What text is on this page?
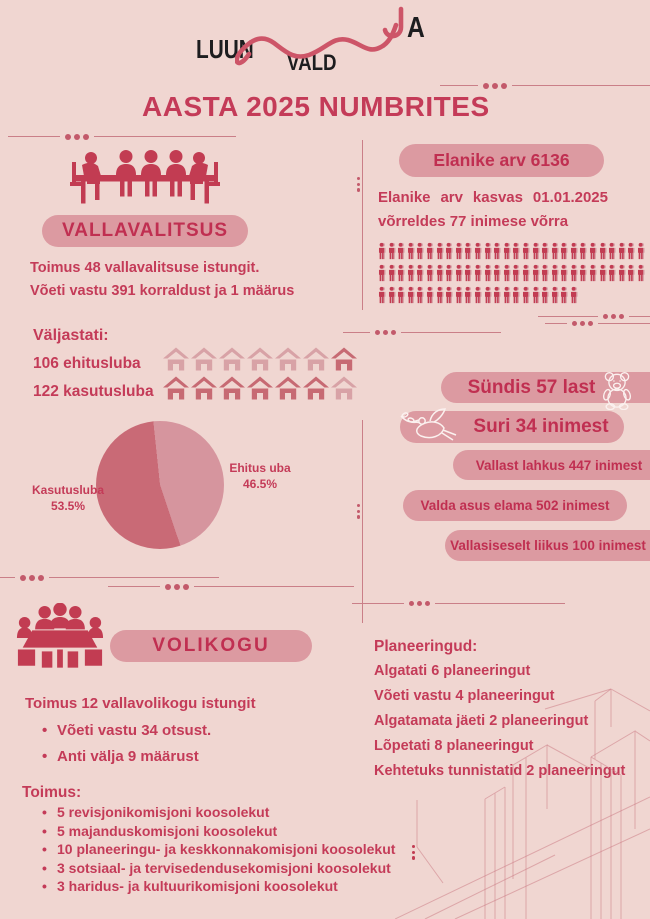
LUUN VALD
A
AASTA 2025 NUMBRITES
VALLAVALITSUS
Toimus 48 vallavalitsuse istungit.
Võeti vastu 391 korraldust ja 1 määrus
Väljastati:
106 ehitusluba
122 kasutusluba
Kasutusluba
53.5%
Ehitus uba
46.5%
Elanike arv 6136
Elanike arv kasvas 01.01.2025
võrreldes 77 inimese võrra
Sündis 57 last
Suri 34 inimest
Vallast lahkus 447 inimest
Valda asus elama 502 inimest
Vallasiseselt liikus 100 inimest
VOLIKOGU
Toimus 12 vallavolikogu istungit
• Võeti vastu 34 otsust.
• Anti välja 9 määrust
Toimus:
• 5 revisjonikomisjoni koosolekut
• 5 majanduskomisjoni koosolekut
• 10 planeeringu- ja keskkonnakomisjoni koosolekut
• 3 sotsiaal- ja tervisedendusekomisjoni koosolekut
• 3 haridus- ja kultuurikomisjoni koosolekut
Planeeringud:
Algatati 6 planeeringut
Võeti vastu 4 planeeringut
Algatamata jäeti 2 planeeringut
Lõpetati 8 planeeringut
Kehtetuks tunnistatid 2 planeeringut
